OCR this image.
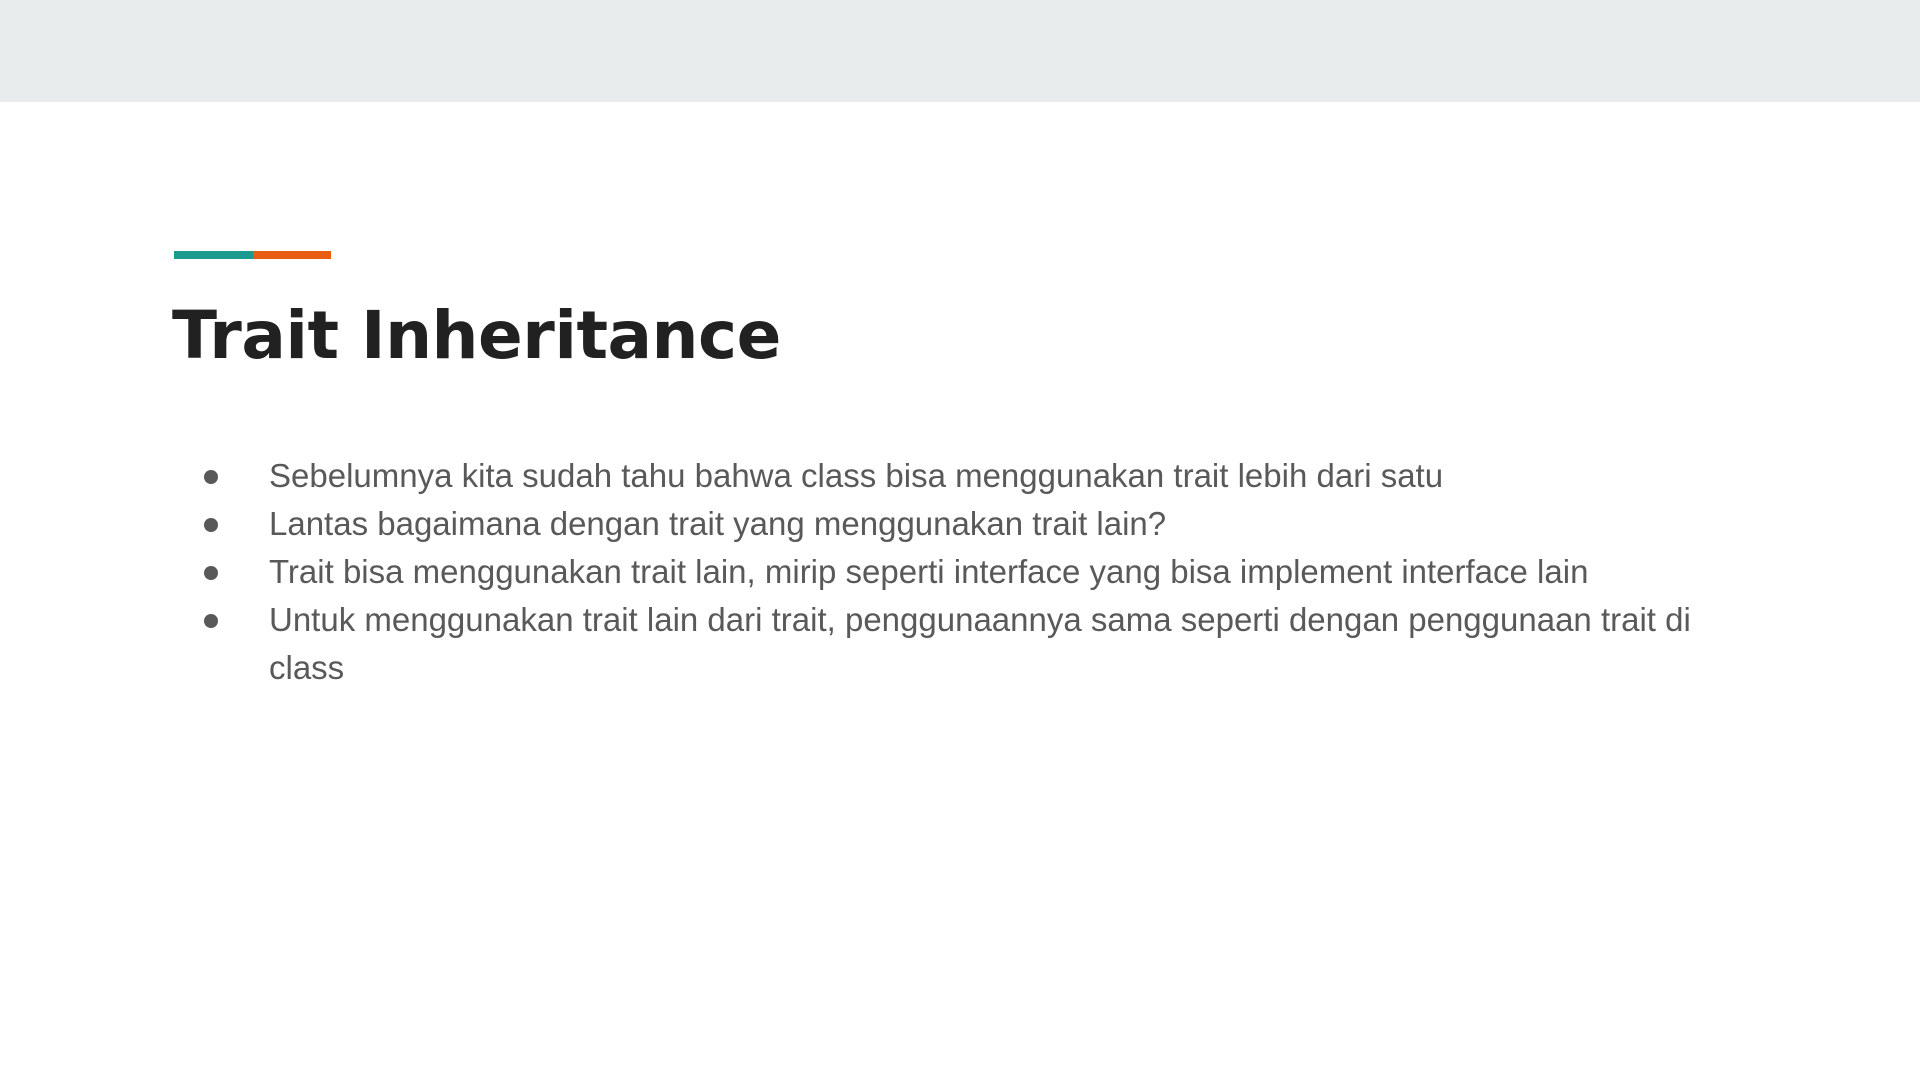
Trait Inheritance
Sebelumnya kita sudah tahu bahwa class bisa menggunakan trait lebih dari satu
Lantas bagaimana dengan trait yang menggunakan trait lain?
Trait bisa menggunakan trait lain, mirip seperti interface yang bisa implement interface lain
Untuk menggunakan trait lain dari trait, penggunaannya sama seperti dengan penggunaan trait di class
